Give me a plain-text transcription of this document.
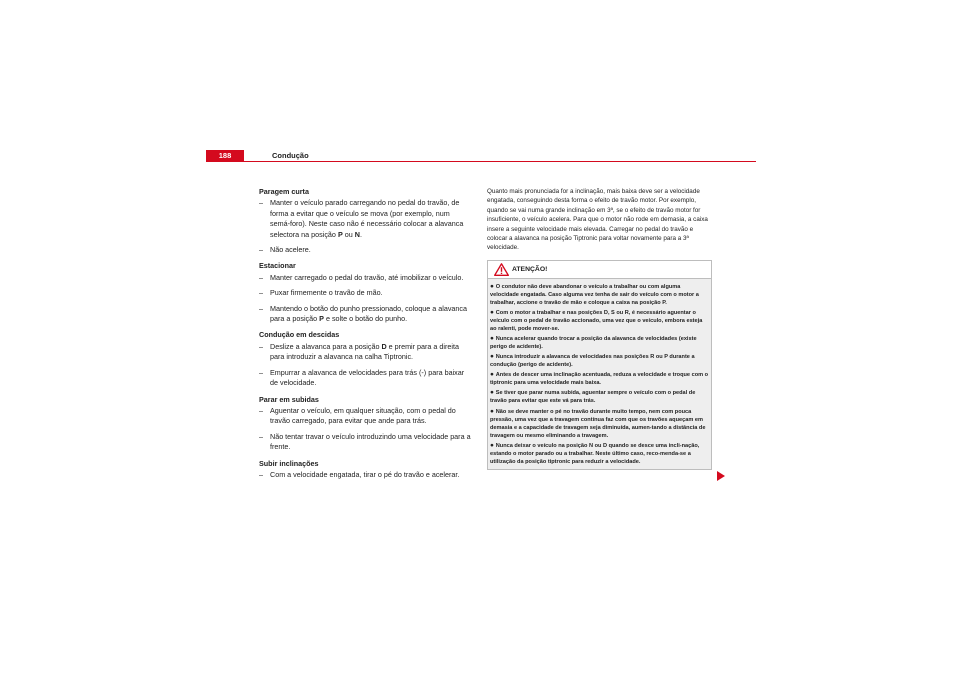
188	Condução
Paragem curta
– Manter o veículo parado carregando no pedal do travão, de forma a evitar que o veículo se mova (por exemplo, num semá-foro). Neste caso não é necessário colocar a alavanca selectora na posição P ou N.
– Não acelere.
Estacionar
– Manter carregado o pedal do travão, até imobilizar o veículo.
– Puxar firmemente o travão de mão.
– Mantendo o botão do punho pressionado, coloque a alavanca para a posição P e solte o botão do punho.
Condução em descidas
– Deslize a alavanca para a posição D e premir para a direita para introduzir a alavanca na calha Tiptronic.
– Empurrar a alavanca de velocidades para trás (-) para baixar de velocidade.
Parar em subidas
– Aguentar o veículo, em qualquer situação, com o pedal do travão carregado, para evitar que ande para trás.
– Não tentar travar o veículo introduzindo uma velocidade para a frente.
Subir inclinações
– Com a velocidade engatada, tirar o pé do travão e acelerar.
Quanto mais pronunciada for a inclinação, mais baixa deve ser a velocidade engatada, conseguindo desta forma o efeito de travão motor. Por exemplo, quando se vai numa grande inclinação em 3ª, se o efeito de travão motor for insuficiente, o veículo acelera. Para que o motor não rode em demasia, a caixa insere a seguinte velocidade mais elevada. Carregar no pedal do travão e colocar a alavanca na posição Tiptronic para voltar novamente para a 3ª velocidade.
ATENÇÃO!
● O condutor não deve abandonar o veículo a trabalhar ou com alguma velocidade engatada. Caso alguma vez tenha de sair do veículo com o motor a trabalhar, accione o travão de mão e coloque a caixa na posição P.
● Com o motor a trabalhar e nas posições D, S ou R, é necessário aguentar o veículo com o pedal de travão accionado, uma vez que o veículo, embora esteja ao ralenti, pode mover-se.
● Nunca acelerar quando trocar a posição da alavanca de velocidades (existe perigo de acidente).
● Nunca introduzir a alavanca de velocidades nas posições R ou P durante a condução (perigo de acidente).
● Antes de descer uma inclinação acentuada, reduza a velocidade e troque com o tiptronic para uma velocidade mais baixa.
● Se tiver que parar numa subida, aguentar sempre o veículo com o pedal de travão para evitar que este vá para trás.
● Não se deve manter o pé no travão durante muito tempo, nem com pouca pressão, uma vez que a travagem contínua faz com que os travões aqueçam em demasia e a capacidade de travagem seja diminuída, aumen-tando a distância de travagem ou mesmo eliminando a travagem.
● Nunca deixar o veículo na posição N ou D quando se desce uma incli-nação, estando o motor parado ou a trabalhar. Neste último caso, reco-menda-se a utilização da posição tiptronic para reduzir a velocidade.
